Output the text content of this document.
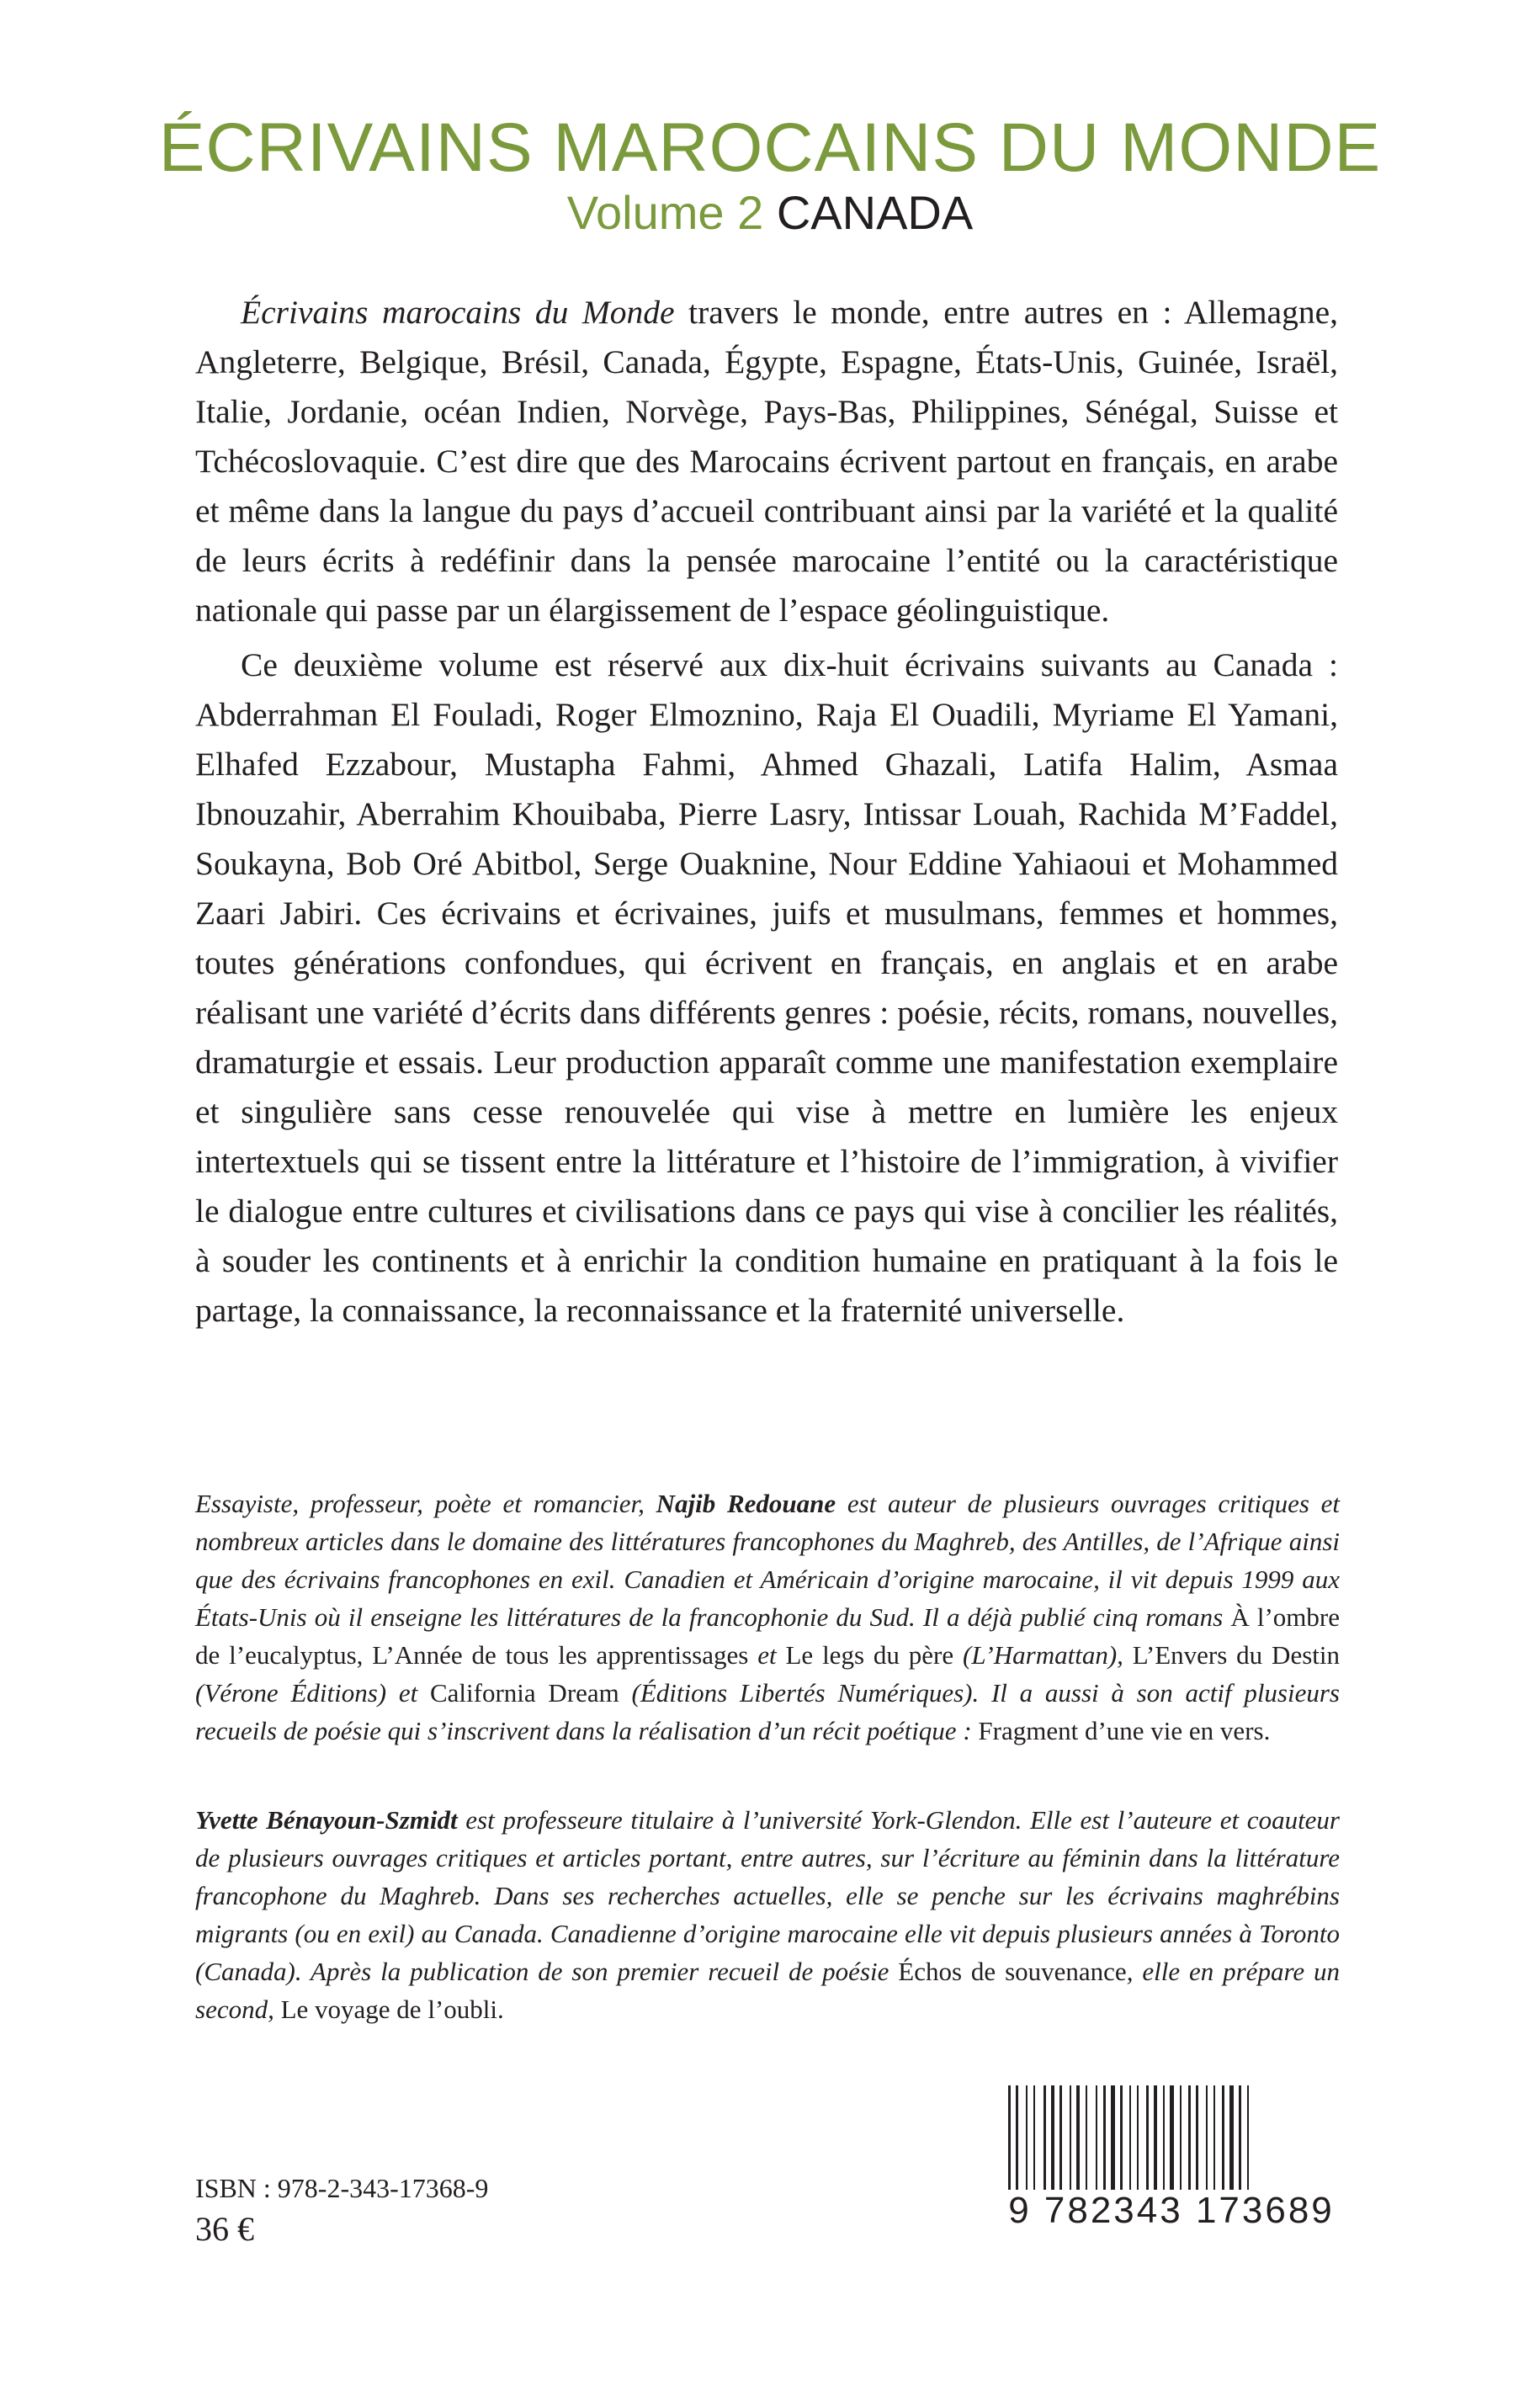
ÉCRIVAINS MAROCAINS DU MONDE
Volume 2 CANADA

Écrivains marocains du Monde travers le monde, entre autres en : Allemagne, Angleterre, Belgique, Brésil, Canada, Égypte, Espagne, États-Unis, Guinée, Israël, Italie, Jordanie, océan Indien, Norvège, Pays-Bas, Philippines, Sénégal, Suisse et Tchécoslovaquie. C’est dire que des Marocains écrivent partout en français, en arabe et même dans la langue du pays d’accueil contribuant ainsi par la variété et la qualité de leurs écrits à redéfinir dans la pensée marocaine l’entité ou la caractéristique nationale qui passe par un élargissement de l’espace géolinguistique.

Ce deuxième volume est réservé aux dix-huit écrivains suivants au Canada : Abderrahman El Fouladi, Roger Elmoznino, Raja El Ouadili, Myriame El Yamani, Elhafed Ezzabour, Mustapha Fahmi, Ahmed Ghazali, Latifa Halim, Asmaa Ibnouzahir, Aberrahim Khouibaba, Pierre Lasry, Intissar Louah, Rachida M’Faddel, Soukayna, Bob Oré Abitbol, Serge Ouaknine, Nour Eddine Yahiaoui et Mohammed Zaari Jabiri. Ces écrivains et écrivaines, juifs et musulmans, femmes et hommes, toutes générations confondues, qui écrivent en français, en anglais et en arabe réalisant une variété d’écrits dans différents genres : poésie, récits, romans, nouvelles, dramaturgie et essais. Leur production apparaît comme une manifestation exemplaire et singulière sans cesse renouvelée qui vise à mettre en lumière les enjeux intertextuels qui se tissent entre la littérature et l’histoire de l’immigration, à vivifier le dialogue entre cultures et civilisations dans ce pays qui vise à concilier les réalités, à souder les continents et à enrichir la condition humaine en pratiquant à la fois le partage, la connaissance, la reconnaissance et la fraternité universelle.

Essayiste, professeur, poète et romancier, Najib Redouane est auteur de plusieurs ouvrages critiques et nombreux articles dans le domaine des littératures francophones du Maghreb, des Antilles, de l’Afrique ainsi que des écrivains francophones en exil. Canadien et Américain d’origine marocaine, il vit depuis 1999 aux États-Unis où il enseigne les littératures de la francophonie du Sud. Il a déjà publié cinq romans À l’ombre de l’eucalyptus, L’Année de tous les apprentissages et Le legs du père (L’Harmattan), L’Envers du Destin (Vérone Éditions) et California Dream (Éditions Libertés Numériques). Il a aussi à son actif plusieurs recueils de poésie qui s’inscrivent dans la réalisation d’un récit poétique : Fragment d’une vie en vers.

Yvette Bénayoun-Szmidt est professeure titulaire à l’université York-Glendon. Elle est l’auteure et coauteur de plusieurs ouvrages critiques et articles portant, entre autres, sur l’écriture au féminin dans la littérature francophone du Maghreb. Dans ses recherches actuelles, elle se penche sur les écrivains maghrébins migrants (ou en exil) au Canada. Canadienne d’origine marocaine elle vit depuis plusieurs années à Toronto (Canada). Après la publication de son premier recueil de poésie Échos de souvenance, elle en prépare un second, Le voyage de l’oubli.

ISBN : 978-2-343-17368-9
36 €	9 782343 173689
